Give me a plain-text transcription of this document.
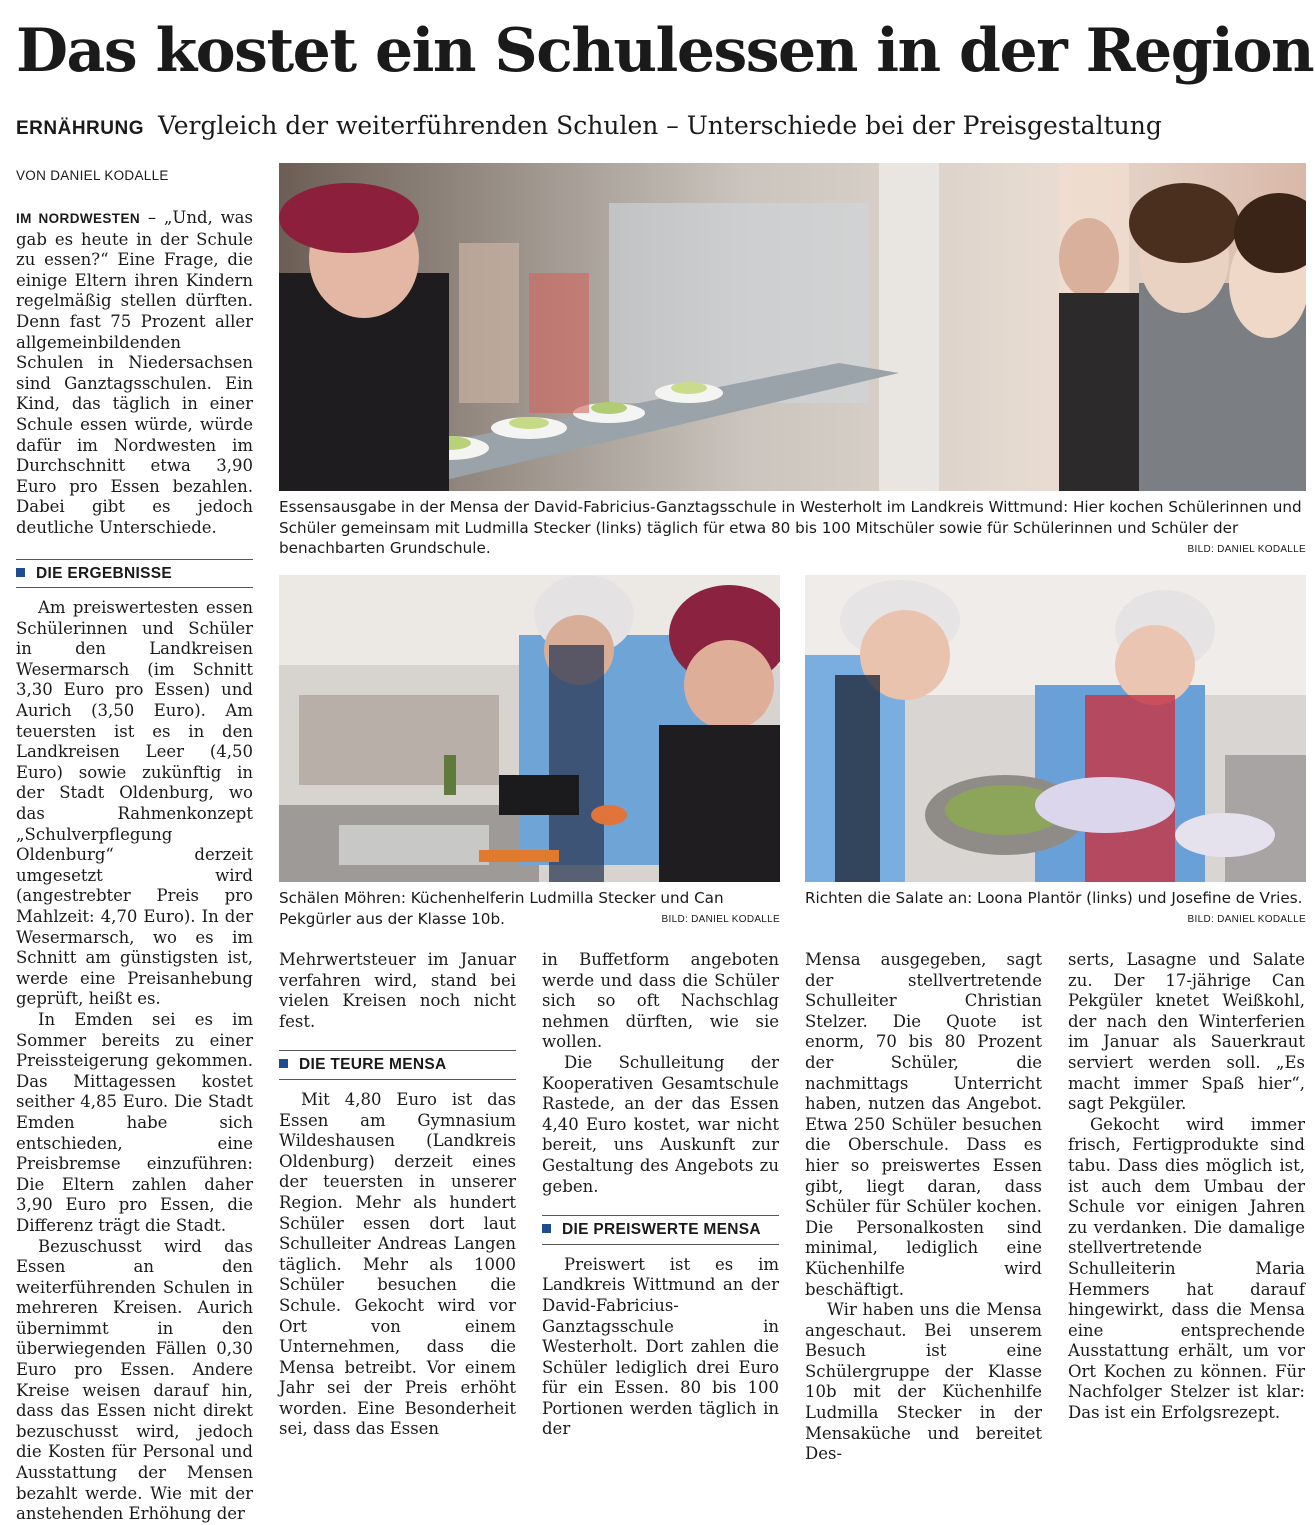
Das kostet ein Schulessen in der Region
ERNÄHRUNG Vergleich der weiterführenden Schulen – Unterschiede bei der Preisgestaltung
VON DANIEL KODALLE

IM NORDWESTEN – „Und, was gab es heute in der Schule zu essen?“ Eine Frage, die einige Eltern ihren Kindern regelmäßig stellen dürften. Denn fast 75 Prozent aller allgemeinbildenden Schulen in Niedersachsen sind Ganztagsschulen. Ein Kind, das täglich in einer Schule essen würde, würde dafür im Nordwesten im Durchschnitt etwa 3,90 Euro pro Essen bezahlen. Dabei gibt es jedoch deutliche Unterschiede.

DIE ERGEBNISSE

Am preiswertesten essen Schülerinnen und Schüler in den Landkreisen Wesermarsch (im Schnitt 3,30 Euro pro Essen) und Aurich (3,50 Euro). Am teuersten ist es in den Landkreisen Leer (4,50 Euro) sowie zukünftig in der Stadt Oldenburg, wo das Rahmenkonzept „Schulverpflegung Oldenburg“ derzeit umgesetzt wird (angestrebter Preis pro Mahlzeit: 4,70 Euro). In der Wesermarsch, wo es im Schnitt am günstigsten ist, werde eine Preisanhebung geprüft, heißt es.

In Emden sei es im Sommer bereits zu einer Preissteigerung gekommen. Das Mittagessen kostet seither 4,85 Euro. Die Stadt Emden habe sich entschieden, eine Preisbremse einzuführen: Die Eltern zahlen daher 3,90 Euro pro Essen, die Differenz trägt die Stadt.

Bezuschusst wird das Essen an den weiterführenden Schulen in mehreren Kreisen. Aurich übernimmt in den überwiegenden Fällen 0,30 Euro pro Essen. Andere Kreise weisen darauf hin, dass das Essen nicht direkt bezuschusst wird, jedoch die Kosten für Personal und Ausstattung der Mensen bezahlt werde. Wie mit der anstehenden Erhöhung der

Essensausgabe in der Mensa der David-Fabricius-Ganztagsschule in Westerholt im Landkreis Wittmund: Hier kochen Schülerinnen und Schüler gemeinsam mit Ludmilla Stecker (links) täglich für etwa 80 bis 100 Mitschüler sowie für Schülerinnen und Schüler der benachbarten Grundschule.	BILD: DANIEL KODALLE
Schälen Möhren: Küchenhelferin Ludmilla Stecker und Can Pekgürler aus der Klasse 10b.	BILD: DANIEL KODALLE
Richten die Salate an: Loona Plantör (links) und Josefine de Vries.
BILD: DANIEL KODALLE

Mehrwertsteuer im Januar verfahren wird, stand bei vielen Kreisen noch nicht fest.

DIE TEURE MENSA

Mit 4,80 Euro ist das Essen am Gymnasium Wildeshausen (Landkreis Oldenburg) derzeit eines der teuersten in unserer Region. Mehr als hundert Schüler essen dort laut Schulleiter Andreas Langen täglich. Mehr als 1000 Schüler besuchen die Schule. Gekocht wird vor Ort von einem Unternehmen, dass die Mensa betreibt. Vor einem Jahr sei der Preis erhöht worden. Eine Besonderheit sei, dass das Essen

in Buffetform angeboten werde und dass die Schüler sich so oft Nachschlag nehmen dürften, wie sie wollen.

Die Schulleitung der Kooperativen Gesamtschule Rastede, an der das Essen 4,40 Euro kostet, war nicht bereit, uns Auskunft zur Gestaltung des Angebots zu geben.

DIE PREISWERTE MENSA

Preiswert ist es im Landkreis Wittmund an der David-Fabricius-Ganztagsschule in Westerholt. Dort zahlen die Schüler lediglich drei Euro für ein Essen. 80 bis 100 Portionen werden täglich in der

Mensa ausgegeben, sagt der stellvertretende Schulleiter Christian Stelzer. Die Quote ist enorm, 70 bis 80 Prozent der Schüler, die nachmittags Unterricht haben, nutzen das Angebot. Etwa 250 Schüler besuchen die Oberschule. Dass es hier so preiswertes Essen gibt, liegt daran, dass Schüler für Schüler kochen. Die Personalkosten sind minimal, lediglich eine Küchenhilfe wird beschäftigt.

Wir haben uns die Mensa angeschaut. Bei unserem Besuch ist eine Schülergruppe der Klasse 10b mit der Küchenhilfe Ludmilla Stecker in der Mensaküche und bereitet Des-

serts, Lasagne und Salate zu. Der 17-jährige Can Pekgüler knetet Weißkohl, der nach den Winterferien im Januar als Sauerkraut serviert werden soll. „Es macht immer Spaß hier“, sagt Pekgüler.

Gekocht wird immer frisch, Fertigprodukte sind tabu. Dass dies möglich ist, ist auch dem Umbau der Schule vor einigen Jahren zu verdanken. Die damalige stellvertretende Schulleiterin Maria Hemmers hat darauf hingewirkt, dass die Mensa eine entsprechende Ausstattung erhält, um vor Ort Kochen zu können. Für Nachfolger Stelzer ist klar: Das ist ein Erfolgsrezept.
